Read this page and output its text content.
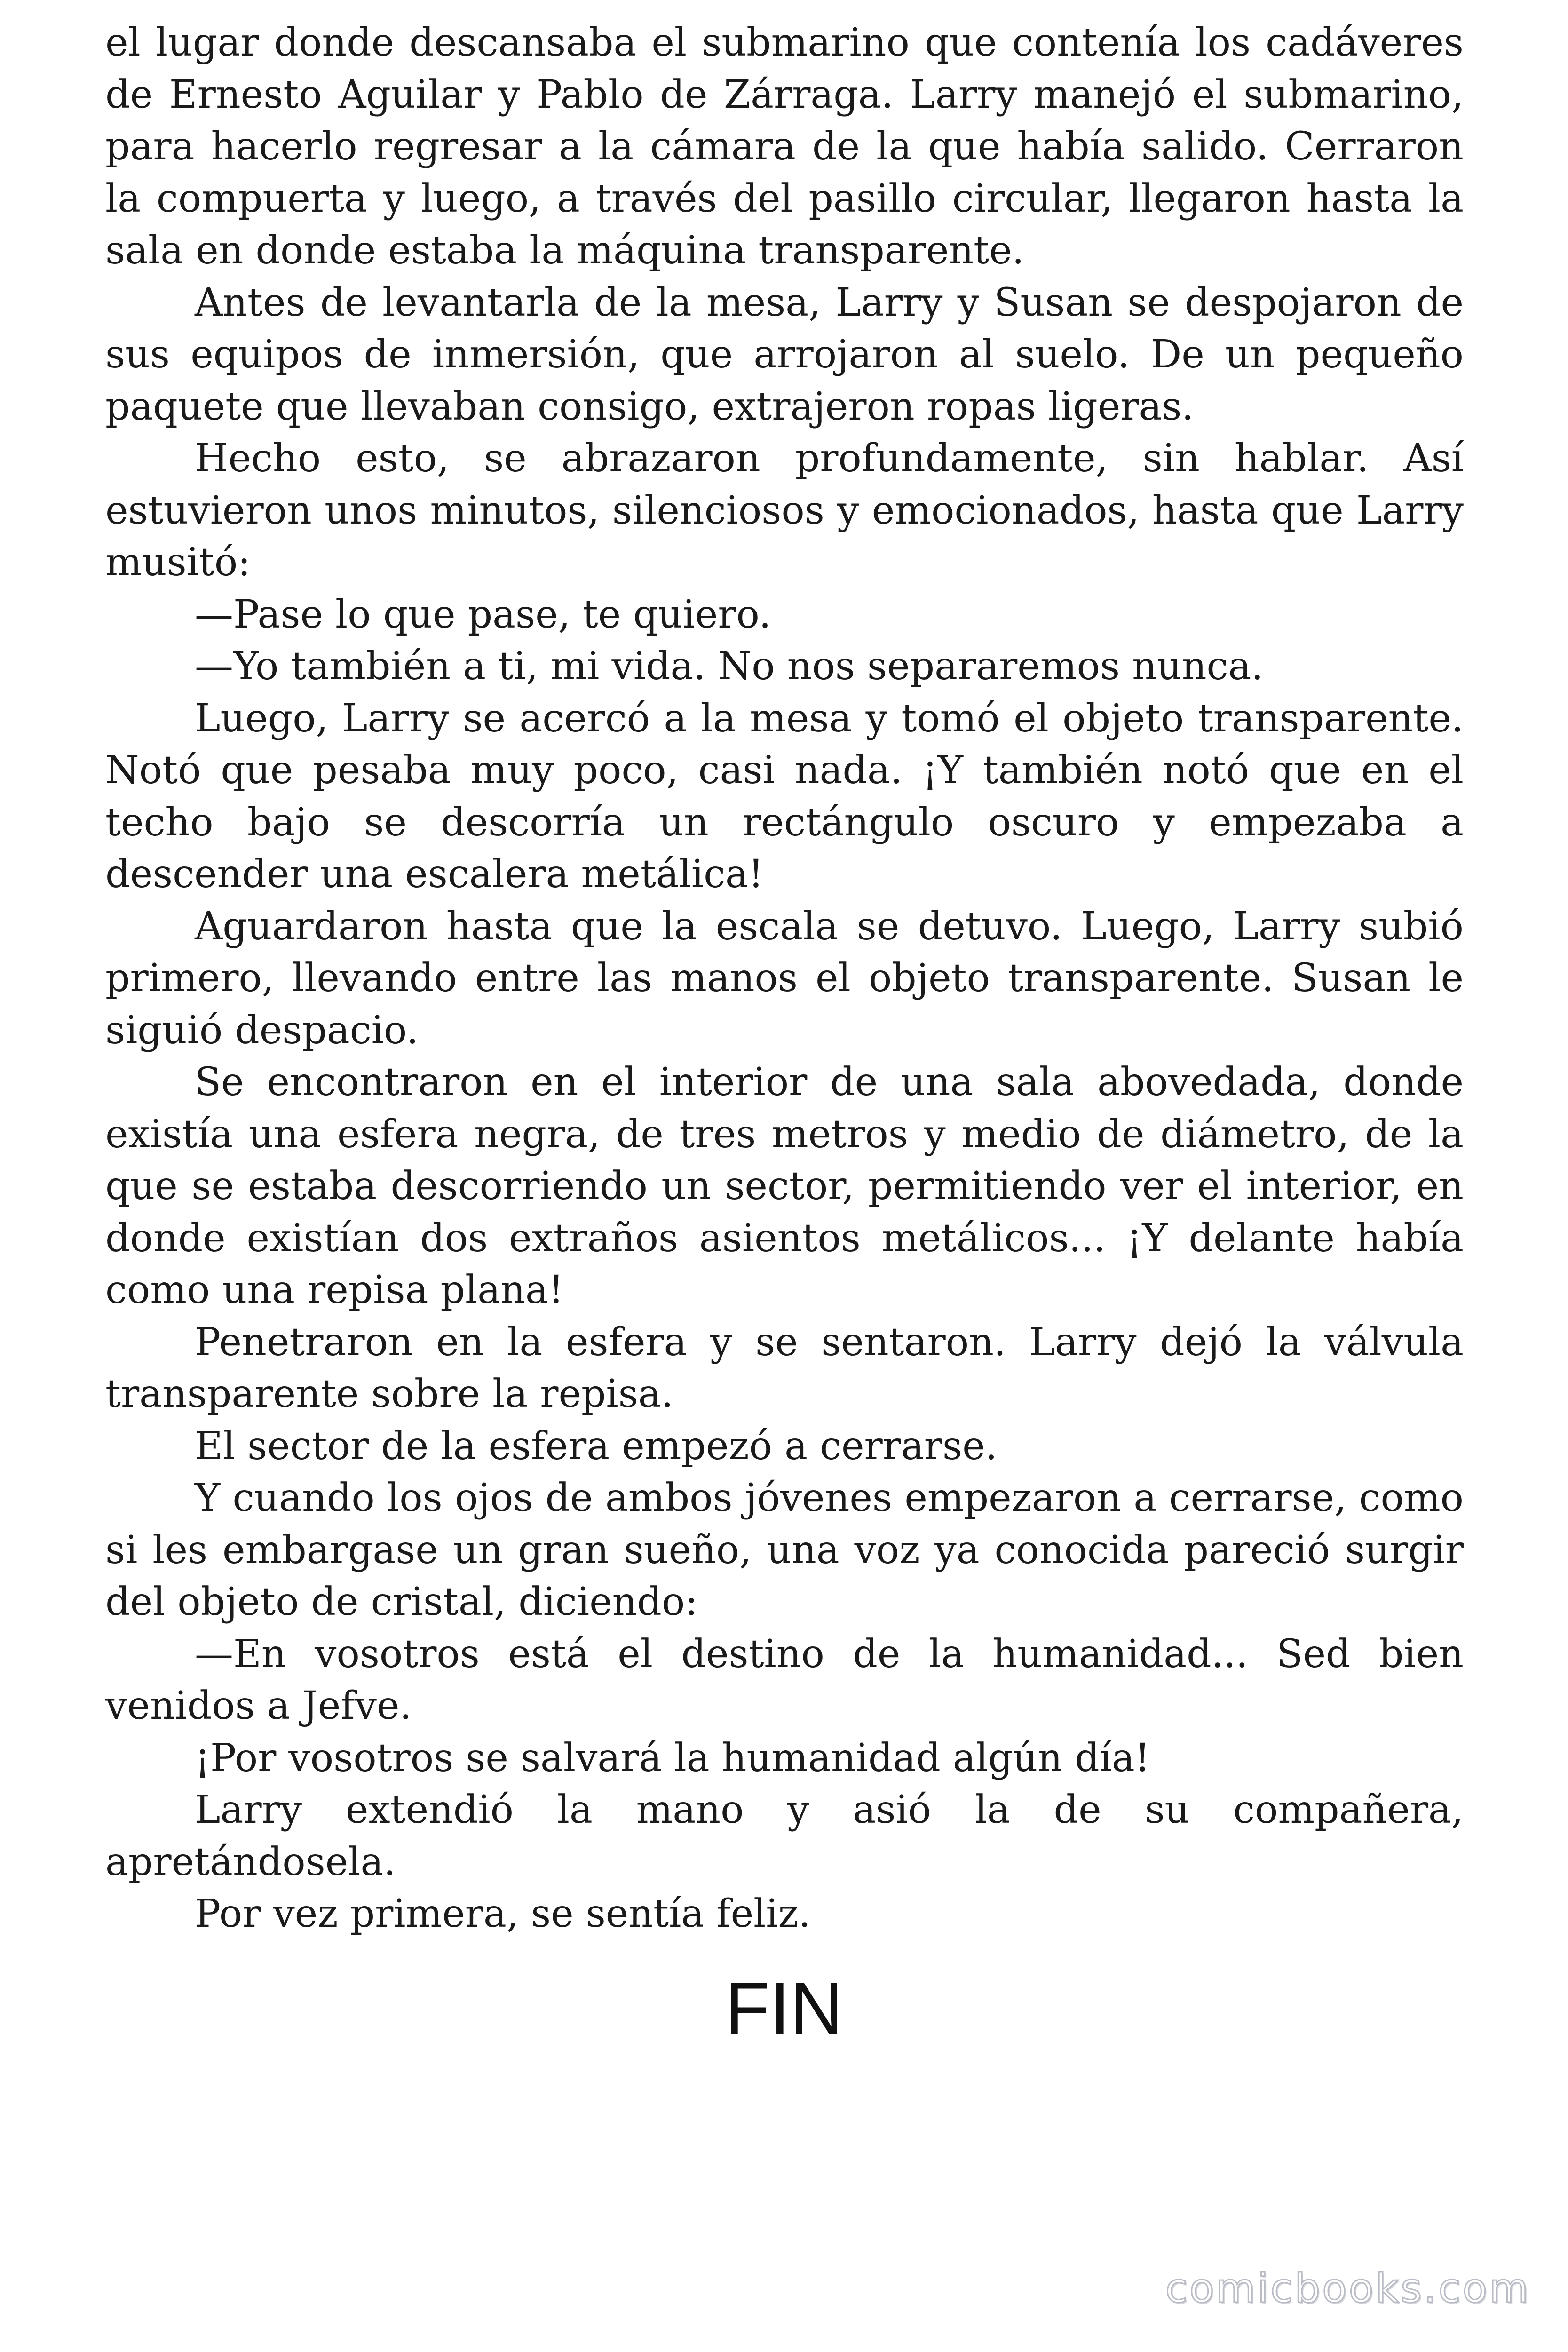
el lugar donde descansaba el submarino que contenía los cadáveres de Ernesto Aguilar y Pablo de Zárraga. Larry manejó el submarino, para hacerlo regresar a la cámara de la que había salido. Cerraron la compuerta y luego, a través del pasillo circular, llegaron hasta la sala en donde estaba la máquina transparente.

Antes de levantarla de la mesa, Larry y Susan se despojaron de sus equipos de inmersión, que arrojaron al suelo. De un pequeño paquete que llevaban consigo, extrajeron ropas ligeras.

Hecho esto, se abrazaron profundamente, sin hablar. Así estuvieron unos minutos, silenciosos y emocionados, hasta que Larry musitó:

—Pase lo que pase, te quiero.

—Yo también a ti, mi vida. No nos separaremos nunca.

Luego, Larry se acercó a la mesa y tomó el objeto transparente. Notó que pesaba muy poco, casi nada. ¡Y también notó que en el techo bajo se descorría un rectángulo oscuro y empezaba a descender una escalera metálica!

Aguardaron hasta que la escala se detuvo. Luego, Larry subió primero, llevando entre las manos el objeto transparente. Susan le siguió despacio.

Se encontraron en el interior de una sala abovedada, donde existía una esfera negra, de tres metros y medio de diámetro, de la que se estaba descorriendo un sector, permitiendo ver el interior, en donde existían dos extraños asientos metálicos... ¡Y delante había como una repisa plana!

Penetraron en la esfera y se sentaron. Larry dejó la válvula transparente sobre la repisa.

El sector de la esfera empezó a cerrarse.

Y cuando los ojos de ambos jóvenes empezaron a cerrarse, como si les embargase un gran sueño, una voz ya conocida pareció surgir del objeto de cristal, diciendo:

—En vosotros está el destino de la humanidad... Sed bien venidos a Jefve.

¡Por vosotros se salvará la humanidad algún día!

Larry extendió la mano y asió la de su compañera, apretándosela.

Por vez primera, se sentía feliz.

FIN
comicbooks.com
